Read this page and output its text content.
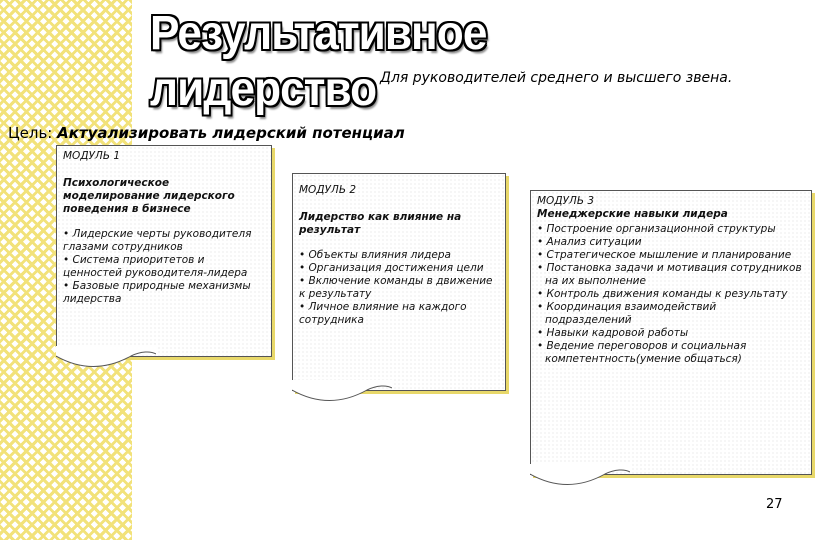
Результативное лидерство Для руководителей среднего и высшего звена.
Цель: Актуализировать лидерский потенциал
МОДУЛЬ 1
Психологическое моделирование лидерского поведения в бизнесе
• Лидерские черты руководителя глазами сотрудников
• Система приоритетов и ценностей руководителя-лидера
• Базовые природные механизмы лидерства
МОДУЛЬ 2
Лидерство как влияние на результат
• Объекты влияния лидера
• Организация достижения цели
• Включение команды в движение к результату
• Личное влияние на каждого сотрудника
МОДУЛЬ 3
Менеджерские навыки лидера
• Построение организационной структуры
• Анализ ситуации
• Стратегическое мышление и планирование
• Постановка задачи и мотивация сотрудников на их выполнение
• Контроль движения команды к результату
• Координация взаимодействий подразделений
• Навыки кадровой работы
• Ведение переговоров и социальная компетентность(умение общаться)
27
